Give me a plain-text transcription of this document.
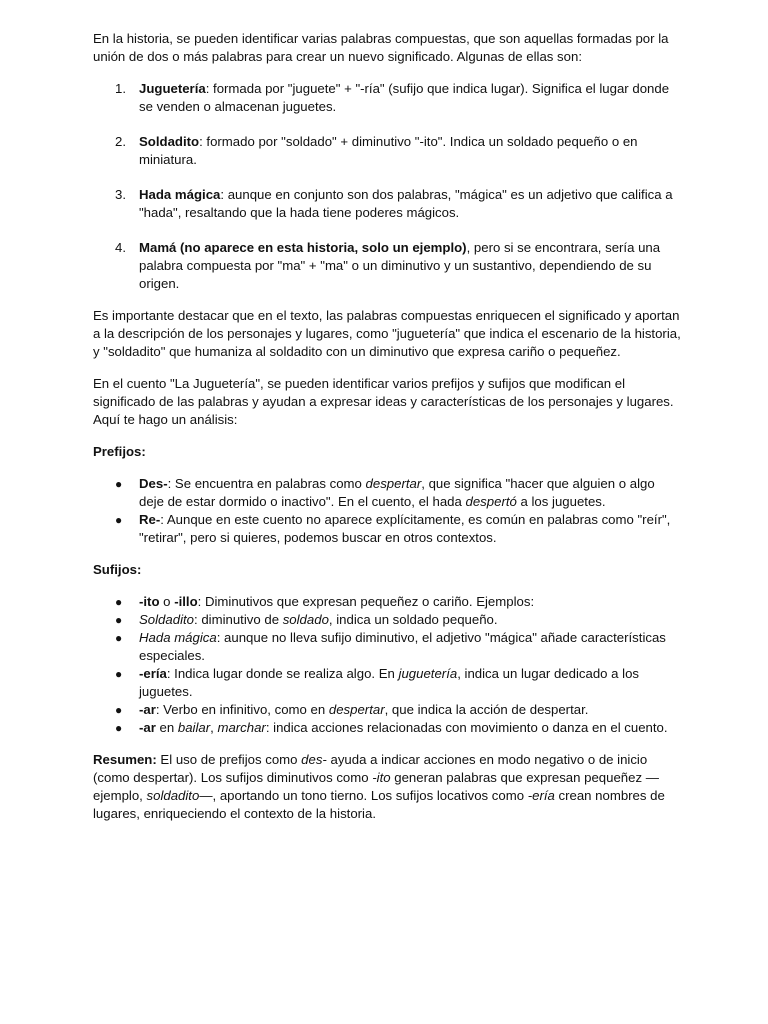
En la historia, se pueden identificar varias palabras compuestas, que son aquellas formadas por la unión de dos o más palabras para crear un nuevo significado. Algunas de ellas son:

1. Juguetería: formada por "juguete" + "-ría" (sufijo que indica lugar). Significa el lugar donde se venden o almacenan juguetes.
2. Soldadito: formado por "soldado" + diminutivo "-ito". Indica un soldado pequeño o en miniatura.
3. Hada mágica: aunque en conjunto son dos palabras, "mágica" es un adjetivo que califica a "hada", resaltando que la hada tiene poderes mágicos.
4. Mamá (no aparece en esta historia, solo un ejemplo), pero si se encontrara, sería una palabra compuesta por "ma" + "ma" o un diminutivo y un sustantivo, dependiendo de su origen.

Es importante destacar que en el texto, las palabras compuestas enriquecen el significado y aportan a la descripción de los personajes y lugares, como "juguetería" que indica el escenario de la historia, y "soldadito" que humaniza al soldadito con un diminutivo que expresa cariño o pequeñez.

En el cuento "La Juguetería", se pueden identificar varios prefijos y sufijos que modifican el significado de las palabras y ayudan a expresar ideas y características de los personajes y lugares. Aquí te hago un análisis:

Prefijos:

● Des-: Se encuentra en palabras como despertar, que significa "hacer que alguien o algo deje de estar dormido o inactivo". En el cuento, el hada despertó a los juguetes.
● Re-: Aunque en este cuento no aparece explícitamente, es común en palabras como "reír", "retirar", pero si quieres, podemos buscar en otros contextos.

Sufijos:

● -ito o -illo: Diminutivos que expresan pequeñez o cariño. Ejemplos:
● Soldadito: diminutivo de soldado, indica un soldado pequeño.
● Hada mágica: aunque no lleva sufijo diminutivo, el adjetivo "mágica" añade características especiales.
● -ería: Indica lugar donde se realiza algo. En juguetería, indica un lugar dedicado a los juguetes.
● -ar: Verbo en infinitivo, como en despertar, que indica la acción de despertar.
● -ar en bailar, marchar: indica acciones relacionadas con movimiento o danza en el cuento.

Resumen: El uso de prefijos como des- ayuda a indicar acciones en modo negativo o de inicio (como despertar). Los sufijos diminutivos como -ito generan palabras que expresan pequeñez —ejemplo, soldadito—, aportando un tono tierno. Los sufijos locativos como -ería crean nombres de lugares, enriqueciendo el contexto de la historia.
